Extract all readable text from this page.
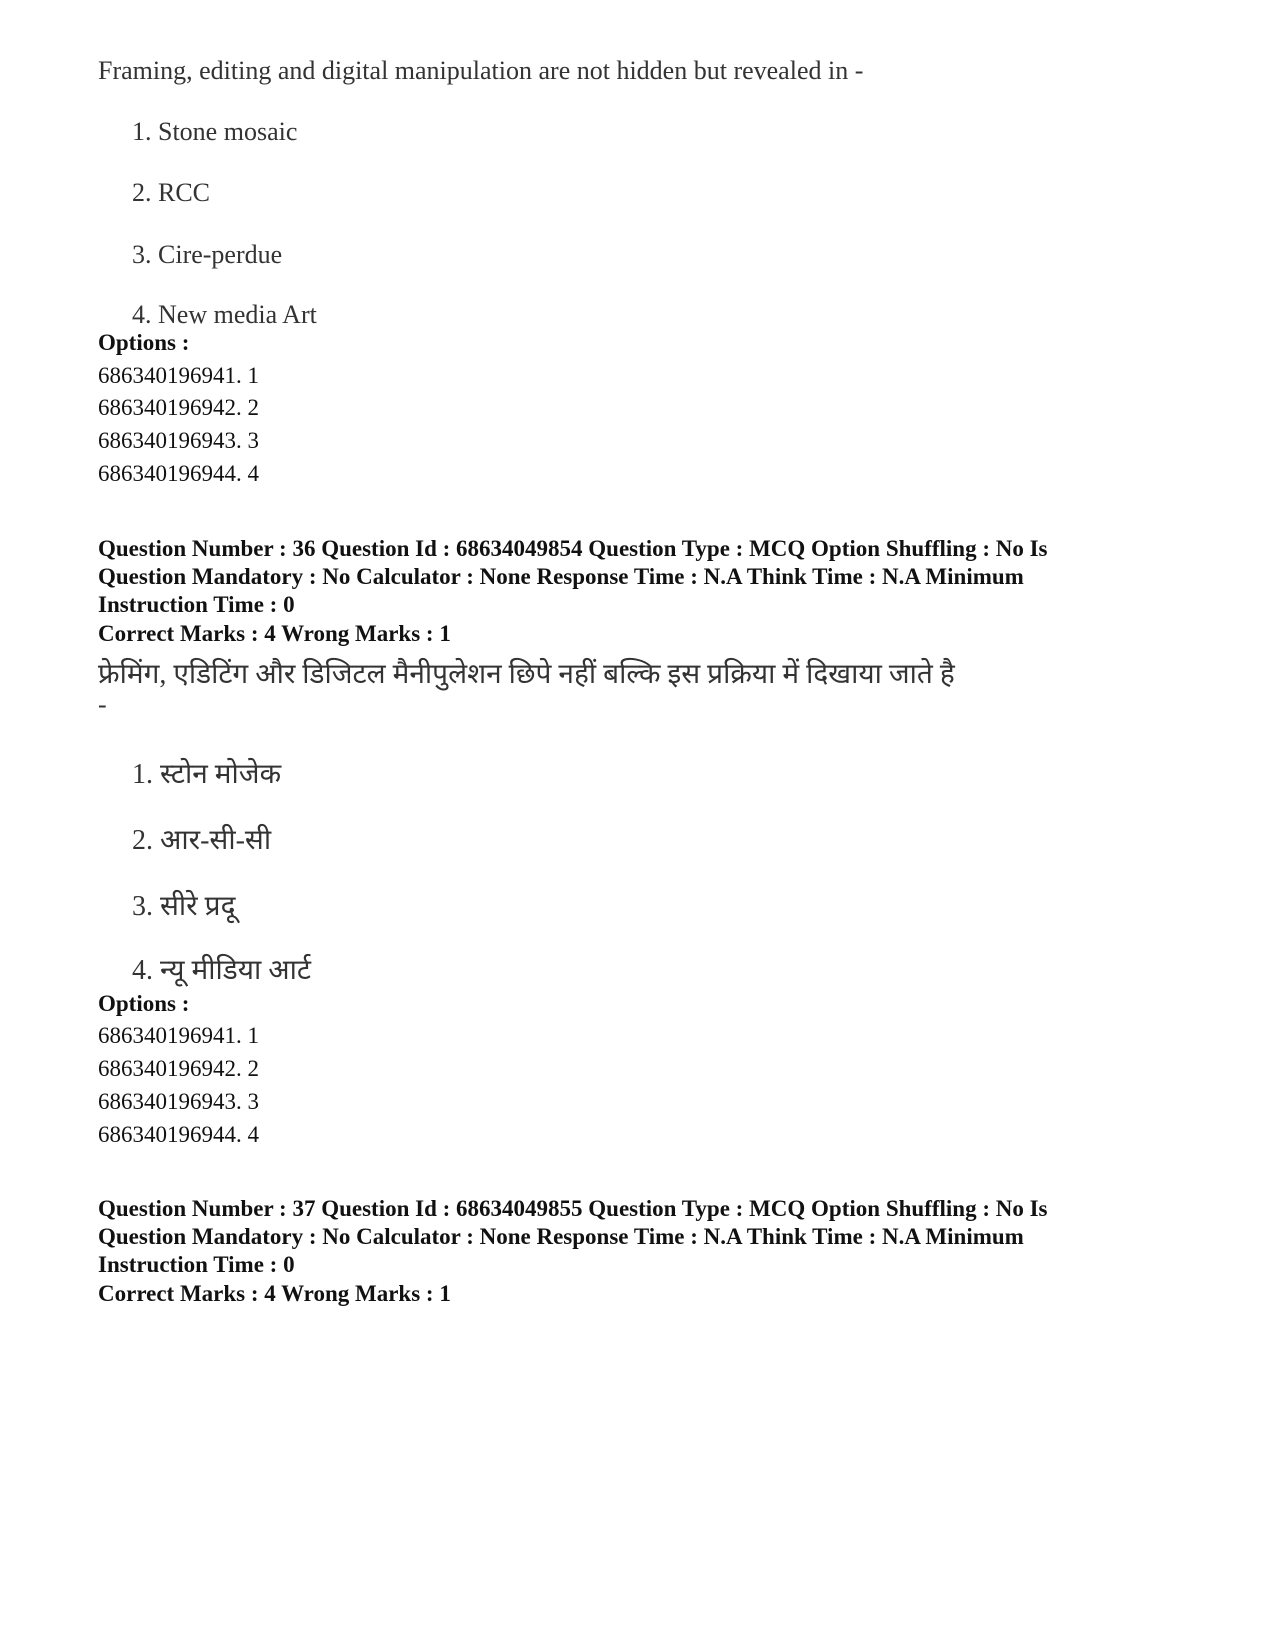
Framing, editing and digital manipulation are not hidden but revealed in -
1. Stone mosaic
2. RCC
3. Cire-perdue
4. New media Art
Options :
686340196941. 1
686340196942. 2
686340196943. 3
686340196944. 4
Question Number : 36 Question Id : 68634049854 Question Type : MCQ Option Shuffling : No Is
Question Mandatory : No Calculator : None Response Time : N.A Think Time : N.A Minimum
Instruction Time : 0
Correct Marks : 4 Wrong Marks : 1
फ्रेमिंग, एडिटिंग और डिजिटल मैनीपुलेशन छिपे नहीं बल्कि इस प्रक्रिया में दिखाया जाते है
-
1. स्टोन मोजेक
2. आर-सी-सी
3. सीरे प्रदू
4. न्यू मीडिया आर्ट
Options :
686340196941. 1
686340196942. 2
686340196943. 3
686340196944. 4
Question Number : 37 Question Id : 68634049855 Question Type : MCQ Option Shuffling : No Is
Question Mandatory : No Calculator : None Response Time : N.A Think Time : N.A Minimum
Instruction Time : 0
Correct Marks : 4 Wrong Marks : 1
